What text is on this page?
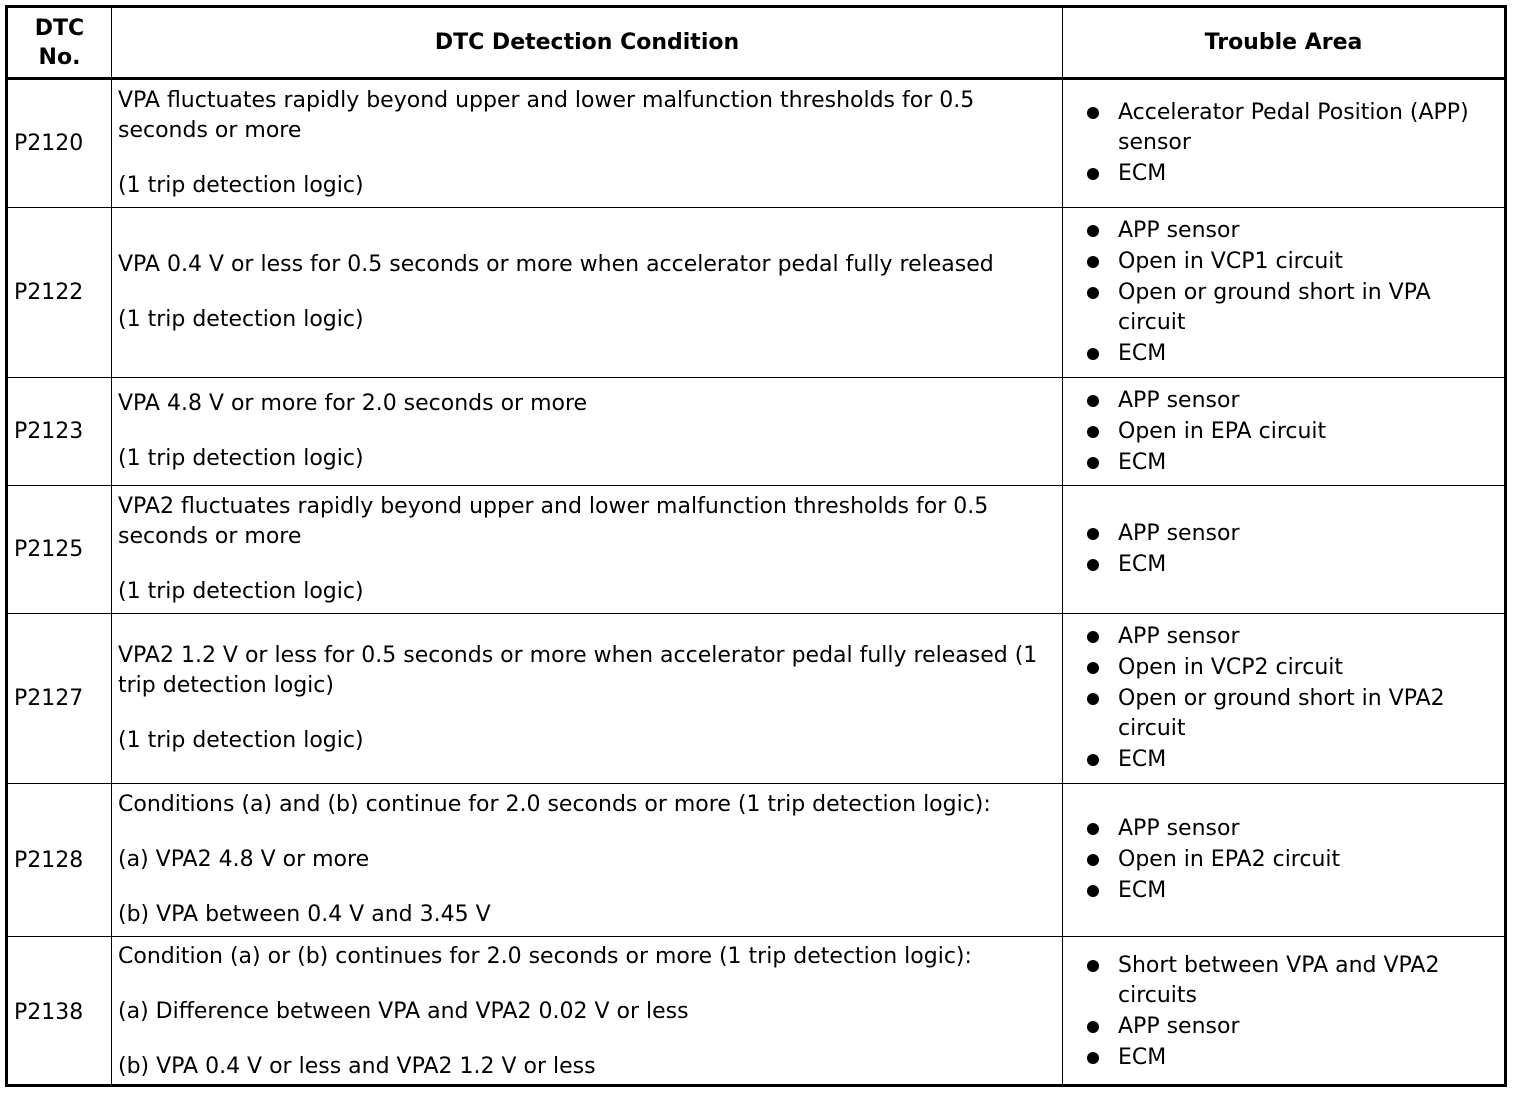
DTC No.
DTC Detection Condition	Trouble Area
P2120

VPA fluctuates rapidly beyond upper and lower malfunction thresholds for 0.5 seconds or more

(1 trip detection logic)

Accelerator Pedal Position (APP) sensor
ECM
P2122

VPA 0.4 V or less for 0.5 seconds or more when accelerator pedal fully released

(1 trip detection logic)

APP sensor
Open in VCP1 circuit
Open or ground short in VPA circuit
ECM
P2123

VPA 4.8 V or more for 2.0 seconds or more

(1 trip detection logic)

APP sensor
Open in EPA circuit
ECM
P2125

VPA2 fluctuates rapidly beyond upper and lower malfunction thresholds for 0.5 seconds or more

(1 trip detection logic)

APP sensor
ECM
P2127

VPA2 1.2 V or less for 0.5 seconds or more when accelerator pedal fully released (1 trip detection logic)

(1 trip detection logic)

APP sensor
Open in VCP2 circuit
Open or ground short in VPA2 circuit
ECM
P2128

Conditions (a) and (b) continue for 2.0 seconds or more (1 trip detection logic):

(a) VPA2 4.8 V or more

(b) VPA between 0.4 V and 3.45 V

APP sensor
Open in EPA2 circuit
ECM
P2138

Condition (a) or (b) continues for 2.0 seconds or more (1 trip detection logic):

(a) Difference between VPA and VPA2 0.02 V or less

(b) VPA 0.4 V or less and VPA2 1.2 V or less

Short between VPA and VPA2 circuits
APP sensor
ECM
